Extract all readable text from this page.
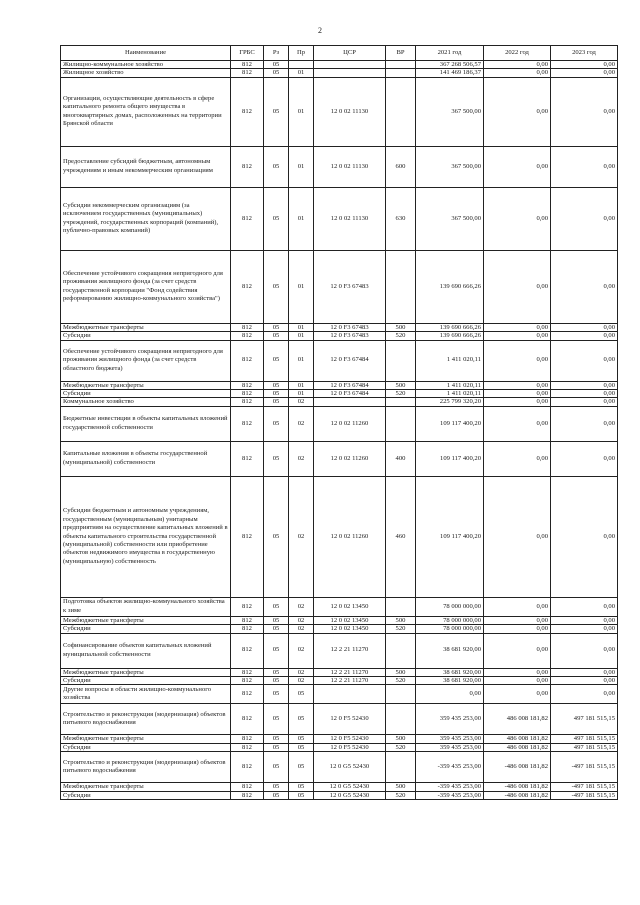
2
Наименование	ГРБС	Рз	Пр	ЦСР	ВР	2021 год	2022 год	2023 год
Жилищно-коммунальное хозяйство	812	05				367 268 506,57	0,00	0,00
Жилищное хозяйство	812	05	01			141 469 186,37	0,00	0,00
Организации, осуществляющие деятельность в сфере капитального ремонта общего имущества в многоквартирных домах, расположенных на территории Брянской области	812	05	01	12 0 02 11130		367 500,00	0,00	0,00
Предоставление субсидий бюджетным, автономным учреждениям и иным некоммерческим организациям	812	05	01	12 0 02 11130	600	367 500,00	0,00	0,00
Субсидии некоммерческим организациям (за исключением государственных (муниципальных) учреждений, государственных корпораций (компаний), публично-правовых компаний)	812	05	01	12 0 02 11130	630	367 500,00	0,00	0,00
Обеспечение устойчивого сокращения непригодного для проживания жилищного фонда (за счет средств государственной корпорации "Фонд содействия реформированию жилищно-коммунального хозяйства")	812	05	01	12 0 F3 67483		139 690 666,26	0,00	0,00
Межбюджетные трансферты	812	05	01	12 0 F3 67483	500	139 690 666,26	0,00	0,00
Субсидии	812	05	01	12 0 F3 67483	520	139 690 666,26	0,00	0,00
Обеспечение устойчивого сокращения непригодного для проживания жилищного фонда (за счет средств областного бюджета)	812	05	01	12 0 F3 67484		1 411 020,11	0,00	0,00
Межбюджетные трансферты	812	05	01	12 0 F3 67484	500	1 411 020,11	0,00	0,00
Субсидии	812	05	01	12 0 F3 67484	520	1 411 020,11	0,00	0,00
Коммунальное хозяйство	812	05	02			225 799 320,20	0,00	0,00
Бюджетные инвестиции в объекты капитальных вложений государственной собственности	812	05	02	12 0 02 11260		109 117 400,20	0,00	0,00
Капитальные вложения в объекты государственной (муниципальной) собственности	812	05	02	12 0 02 11260	400	109 117 400,20	0,00	0,00
Субсидии бюджетным и автономным учреждениям, государственным (муниципальным) унитарным предприятиям на осуществление капитальных вложений в объекты капитального строительства государственной (муниципальной) собственности или приобретение объектов недвижимого имущества в государственную (муниципальную) собственность	812	05	02	12 0 02 11260	460	109 117 400,20	0,00	0,00
Подготовка объектов жилищно-коммунального хозяйства к зиме	812	05	02	12 0 02 13450		78 000 000,00	0,00	0,00
Межбюджетные трансферты	812	05	02	12 0 02 13450	500	78 000 000,00	0,00	0,00
Субсидии	812	05	02	12 0 02 13450	520	78 000 000,00	0,00	0,00
Софинансирование объектов капитальных вложений муниципальной собственности	812	05	02	12 2 21 11270		38 681 920,00	0,00	0,00
Межбюджетные трансферты	812	05	02	12 2 21 11270	500	38 681 920,00	0,00	0,00
Субсидии	812	05	02	12 2 21 11270	520	38 681 920,00	0,00	0,00
Другие вопросы в области жилищно-коммунального хозяйства	812	05	05			0,00	0,00	0,00
Строительство и реконструкция (модернизация) объектов питьевого водоснабжения	812	05	05	12 0 F5 52430		359 435 253,00	486 008 181,82	497 181 515,15
Межбюджетные трансферты	812	05	05	12 0 F5 52430	500	359 435 253,00	486 008 181,82	497 181 515,15
Субсидии	812	05	05	12 0 F5 52430	520	359 435 253,00	486 008 181,82	497 181 515,15
Строительство и реконструкция (модернизация) объектов питьевого водоснабжения	812	05	05	12 0 G5 52430		-359 435 253,00	-486 008 181,82	-497 181 515,15
Межбюджетные трансферты	812	05	05	12 0 G5 52430	500	-359 435 253,00	-486 008 181,82	-497 181 515,15
Субсидии	812	05	05	12 0 G5 52430	520	-359 435 253,00	-486 008 181,82	-497 181 515,15
